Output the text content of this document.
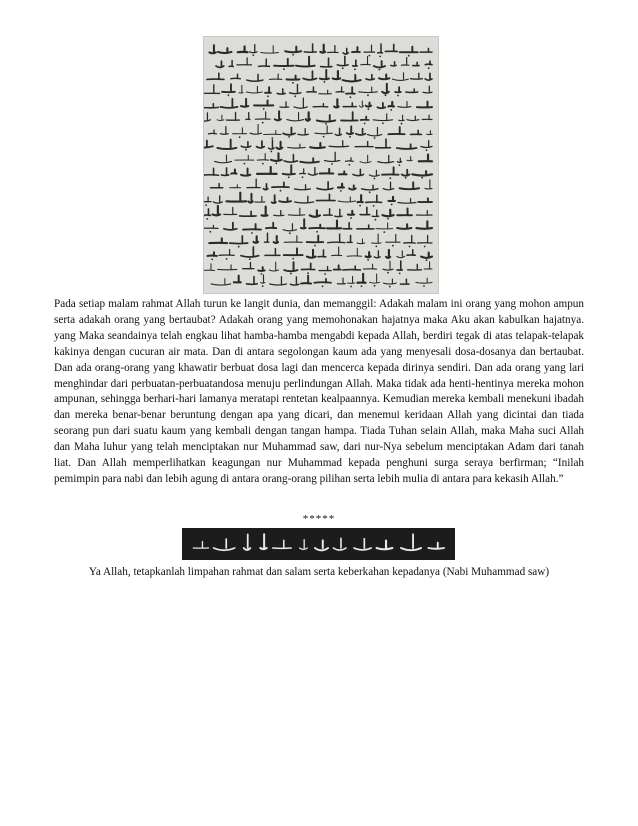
Pada setiap malam rahmat Allah turun ke langit dunia, dan memanggil: Adakah malam ini orang yang mohon ampun serta adakah orang yang bertaubat? Adakah orang yang memohonakan hajatnya maka Aku akan kabulkan hajatnya. yang Maka seandainya telah engkau lihat hamba-hamba mengabdi kepada Allah, berdiri tegak di atas telapak-telapak kakinya dengan cucuran air mata. Dan di antara segolongan kaum ada yang menyesali dosa-dosanya dan bertaubat. Dan ada orang-orang yang khawatir berbuat dosa lagi dan mencerca kepada dirinya sendiri. Dan ada orang yang lari menghindar dari perbuatan-perbuatandosa menuju perlindungan Allah. Maka tidak ada henti-hentinya mereka mohon ampunan, sehingga berhari-hari lamanya meratapi rentetan kealpaannya. Kemudian mereka kembali menekuni ibadah dan mereka benar-benar beruntung dengan apa yang dicari, dan menemui keridaan Allah yang dicintai dan tiada seorang pun dari suatu kaum yang kembali dengan tangan hampa. Tiada Tuhan selain Allah, maka Maha suci Allah dan Maha luhur yang telah menciptakan nur Muhammad saw, dari nur-Nya sebelum menciptakan Adam dari tanah liat. Dan Allah memperlihatkan keagungan nur Muhammad kepada penghuni surga seraya berfirman; “Inilah pemimpin para nabi dan lebih agung di antara orang-orang pilihan serta lebih mulia di antara para kekasih Allah.”

*****
Ya Allah, tetapkanlah limpahan rahmat dan salam serta keberkahan kepadanya (Nabi Muhammad saw)
